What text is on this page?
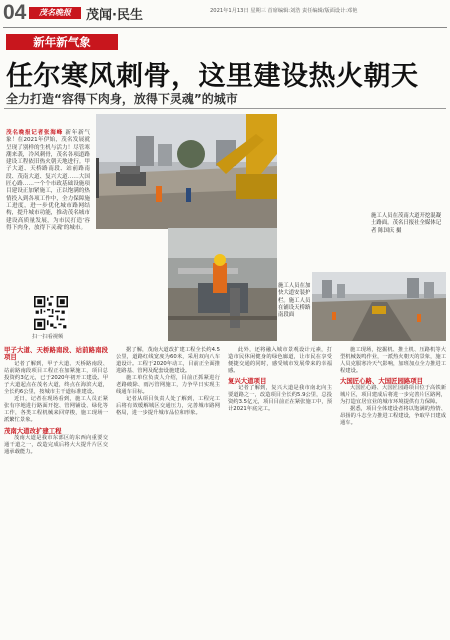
04	茂名晚报	茂闻·民生	2021年1月13日 星期三 首席编辑:刘浩 责任编辑/版面设计:邓艳
新年新气象
任尔寒风刺骨，这里建设热火朝天
全力打造“容得下肉身，放得下灵魂”的城市
茂名晚报记者张海峰 新年新气象！在2021年伊始，茂名发展就呈现了别样的生机与活力！尽管寒潮来袭，冷风刺骨，茂名各项道路建设工程依旧热火朝天地进行。甲子大道、天桥路南段、站前路南段、茂南大道、复兴大道……大国匠心路……一个个市政基础设施项目建设正加紧施工，正以饱满的热情投入到各项工作中，全力保障施工进度，进一步优化城市路网结构，提升城市功能，推动茂名城市建设高质量发展，为市民打造‘容得下肉身，放得下灵魂’的城市。
扫一扫看视频
施工人员在茂南大道开挖混凝土路面。茂名日报社全媒体记者 陈国庆 摄
施工人员在加快大道安装护栏。施工人员在铺设天桥路南段面
甲子大道、天桥路南段、站前路南段项目

记者了解到，甲子大道、天桥路南段、站前路南段项目工程正在加紧施工，项目总投资约3亿元，已于2020年初开工建设。甲子大道起点在茂名大道，终点在海滨大道，全长约6公里，按城市主干道标准建设。

近日，记者在现场看到，施工人员正紧张有序地进行路面开挖、管网铺设、绿化等工作，各类工程机械来回穿梭，施工现场一派繁忙景象。

茂南大道改扩建工程

茂南大道是我市东部区的东西向重要交通干道之一，改造完成后将大大提升片区交通承载能力。

据了解，茂南大道改扩建工程全长约4.5公里，道路红线宽度为60米，采用双向八车道设计。工程于2020年动工，目前正全面推进路基、管网及配套设施建设。

施工单位负责人介绍，目前正抓紧进行老路破除、雨污管网施工，力争早日实现主线通车目标。

记者从项目负责人处了解到，工程完工后将有效缓解城区交通压力，完善城市路网格局，进一步提升城市品位和形象。

此外，还将融入城市景观设计元素，打造市民休闲健身的绿色廊道，让市民在享受便捷交通的同时，感受城市发展带来的幸福感。

复兴大道项目

记者了解到，复兴大道是我市南北向主要道路之一，改造项目全长约5.9公里，总投资约3.5亿元，项目目前正在紧张施工中，预计2021年底完工。

施工现场，挖掘机、推土机、压路机等大型机械轰鸣作业，一派热火朝天的景象，施工人员克服寒冷天气影响，加班加点全力推进工程建设。

大国匠心路、大国匠园路项目

大国匠心路、大国匠园路项目位于高铁新城片区，项目建成后将进一步完善片区路网，为打造宜居宜业的城市环境提供有力保障。

据悉，项目全体建设者将以饱满的热情、昂扬的斗志全力推进工程建设，争取早日建成通车。
